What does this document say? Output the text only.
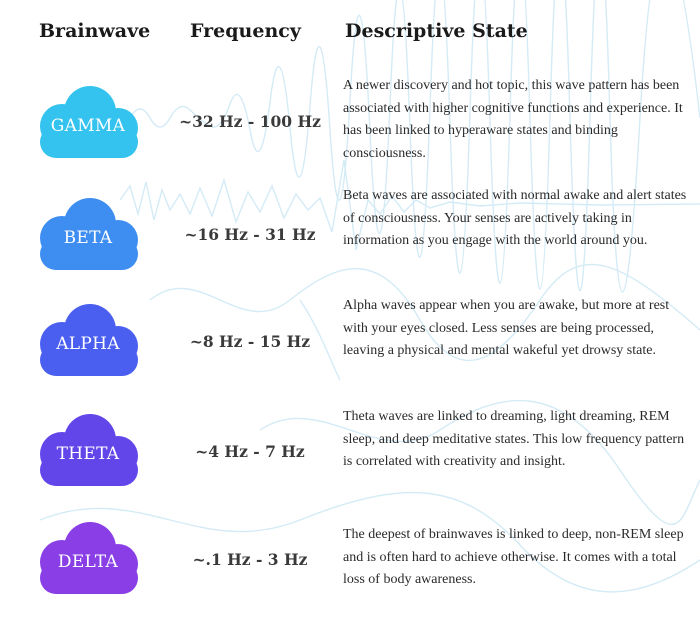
Brainwave Frequency Descriptive State
GAMMA	~32 Hz - 100 Hz
A newer discovery and hot topic, this wave pattern has been associated with higher cognitive functions and experience. It has been linked to hyperaware states and binding consciousness.
BETA	~16 Hz - 31 Hz
Beta waves are associated with normal awake and alert states of consciousness. Your senses are actively taking in information as you engage with the world around you.
ALPHA	~8 Hz - 15 Hz
Alpha waves appear when you are awake, but more at rest with your eyes closed. Less senses are being processed, leaving a physical and mental wakeful yet drowsy state.
THETA	~4 Hz - 7 Hz
Theta waves are linked to dreaming, light dreaming, REM sleep, and deep meditative states. This low frequency pattern is correlated with creativity and insight.
DELTA	~.1 Hz - 3 Hz
The deepest of brainwaves is linked to deep, non-REM sleep and is often hard to achieve otherwise. It comes with a total loss of body awareness.
